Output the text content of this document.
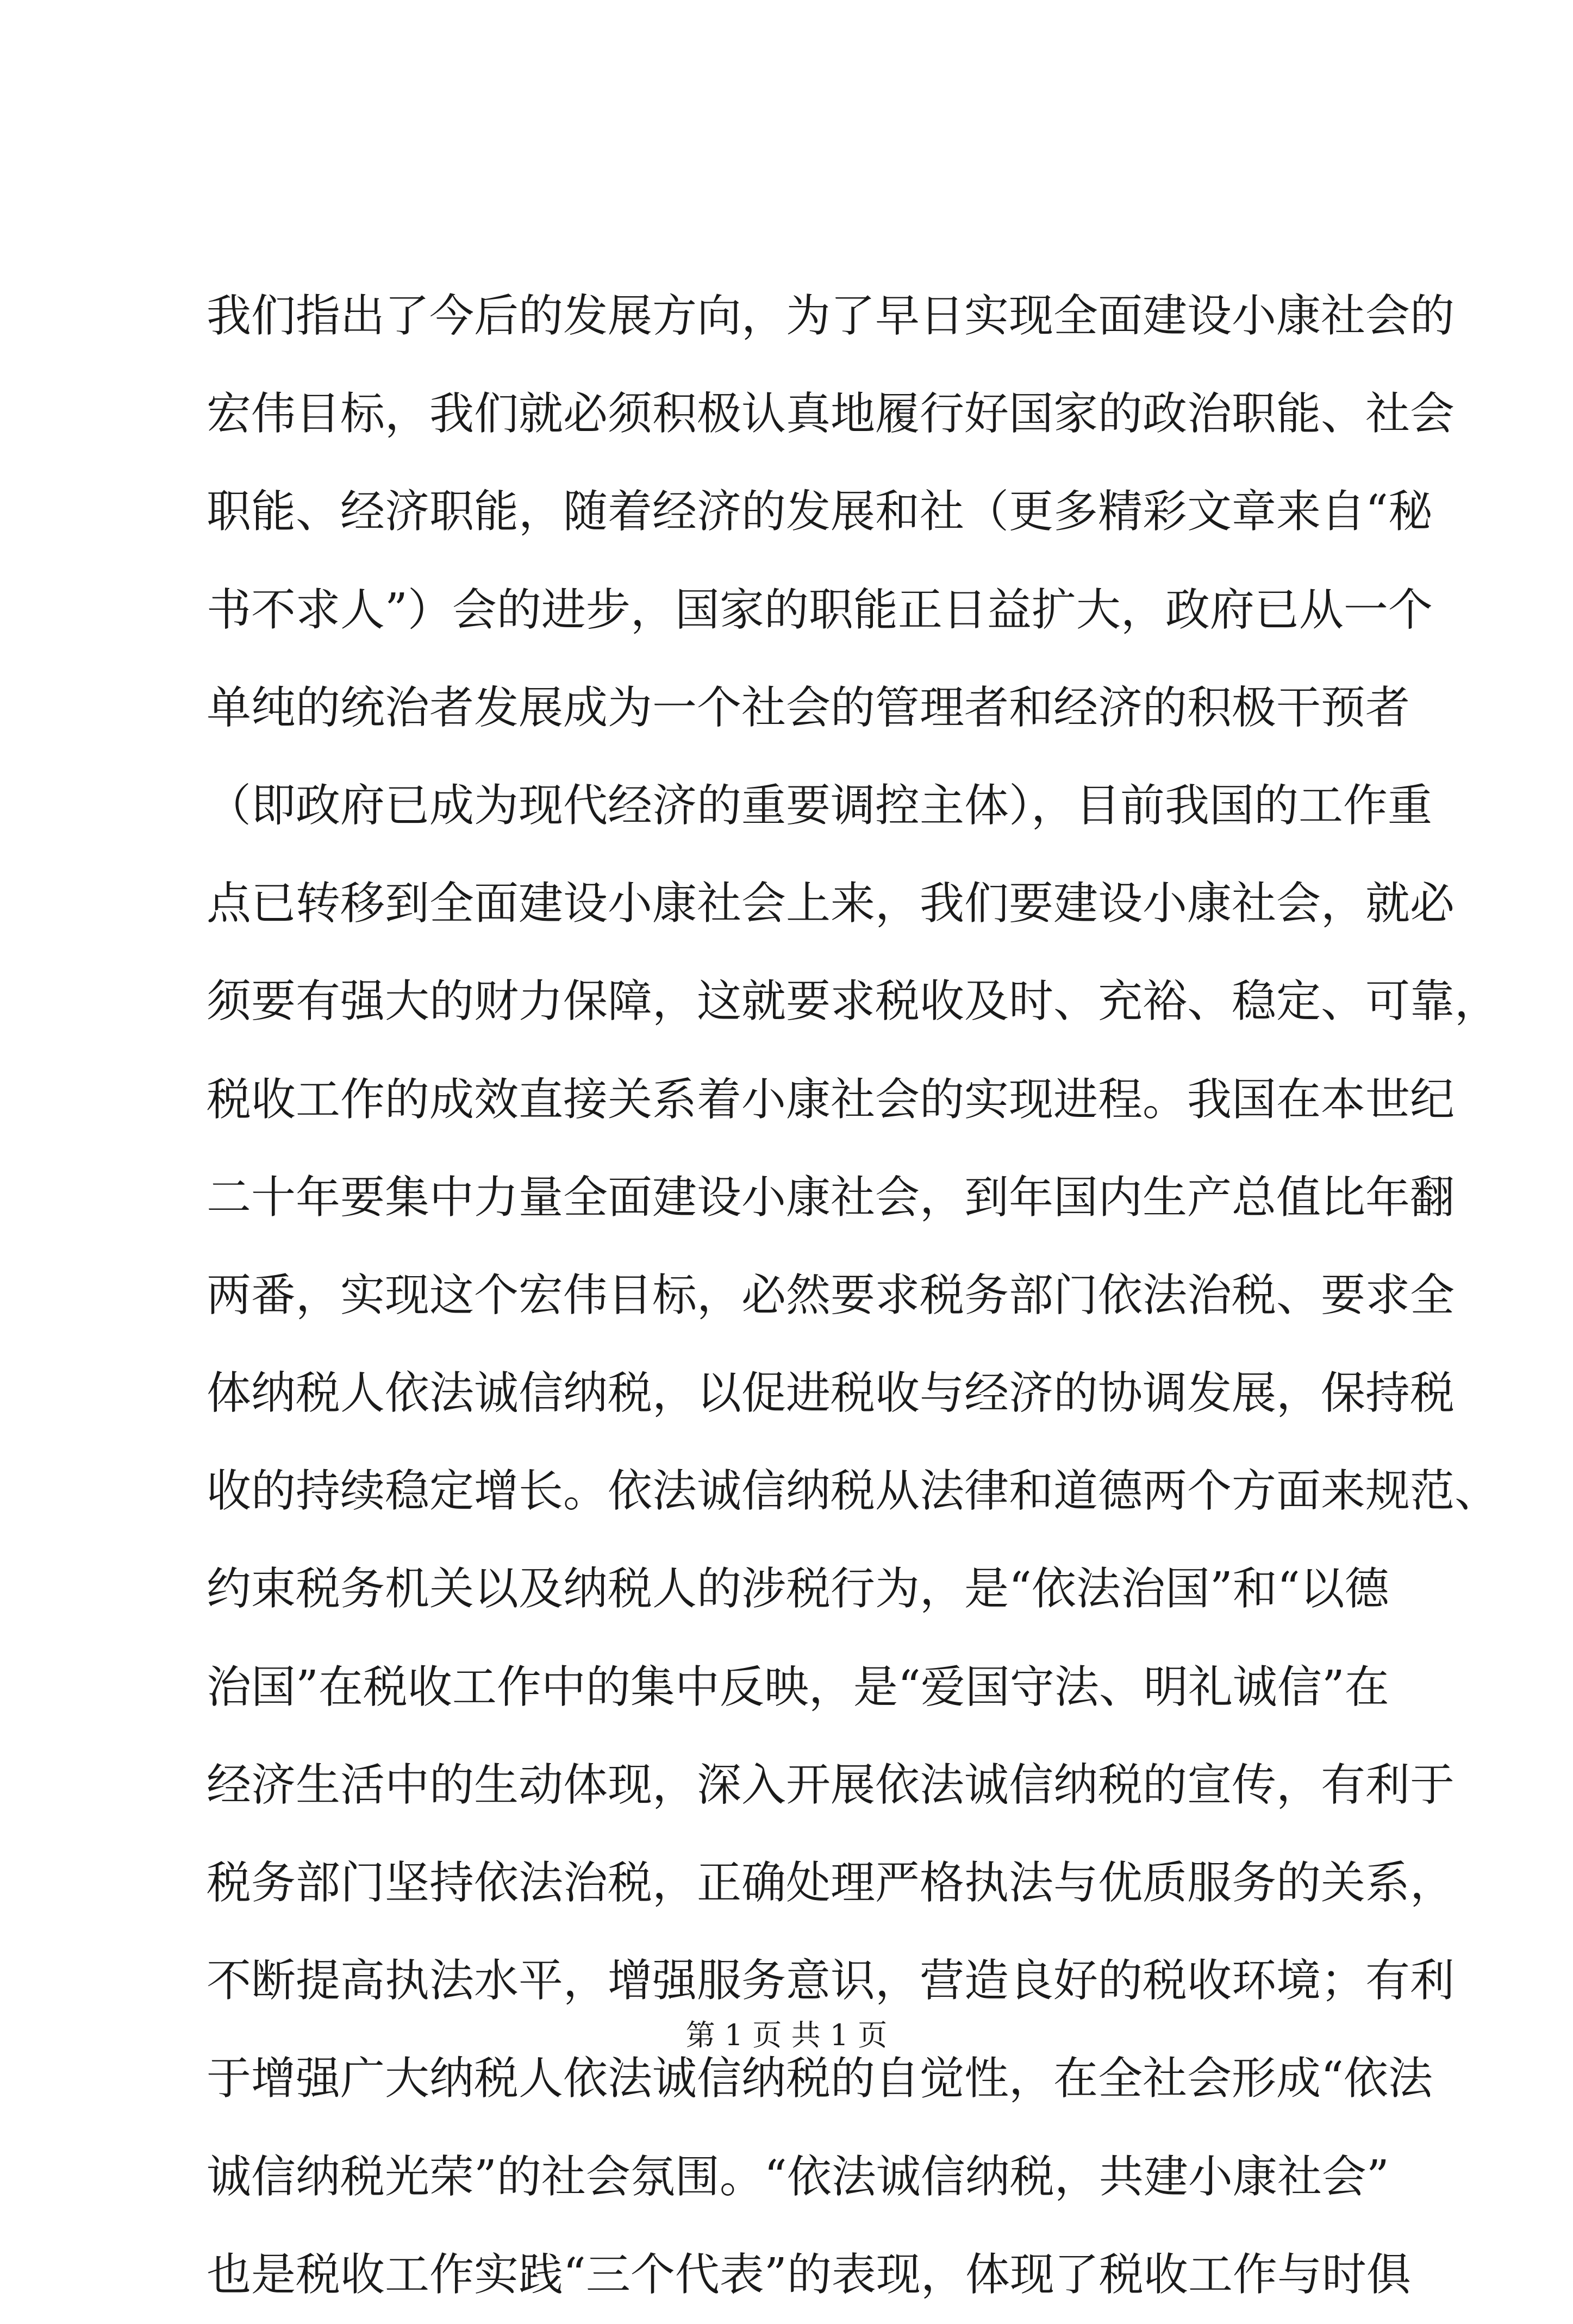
我们指出了今后的发展方向，为了早日实现全面建设小康社会的
宏伟目标，我们就必须积极认真地履行好国家的政治职能、社会
职能、经济职能，随着经济的发展和社（更多精彩文章来自“秘
书不求人”）会的进步，国家的职能正日益扩大，政府已从一个
单纯的统治者发展成为一个社会的管理者和经济的积极干预者
（即政府已成为现代经济的重要调控主体），目前我国的工作重
点已转移到全面建设小康社会上来，我们要建设小康社会，就必
须要有强大的财力保障，这就要求税收及时、充裕、稳定、可靠，
税收工作的成效直接关系着小康社会的实现进程。我国在本世纪
二十年要集中力量全面建设小康社会，到年国内生产总值比年翻
两番，实现这个宏伟目标，必然要求税务部门依法治税、要求全
体纳税人依法诚信纳税，以促进税收与经济的协调发展，保持税
收的持续稳定增长。依法诚信纳税从法律和道德两个方面来规范、
约束税务机关以及纳税人的涉税行为，是“依法治国”和“以德
治国”在税收工作中的集中反映，是“爱国守法、明礼诚信”在
经济生活中的生动体现，深入开展依法诚信纳税的宣传，有利于
税务部门坚持依法治税，正确处理严格执法与优质服务的关系，
不断提高执法水平，增强服务意识，营造良好的税收环境；有利
于增强广大纳税人依法诚信纳税的自觉性，在全社会形成“依法
诚信纳税光荣”的社会氛围。“依法诚信纳税，共建小康社会”
也是税收工作实践“三个代表”的表现，体现了税收工作与时俱
第 1 页 共 1 页
